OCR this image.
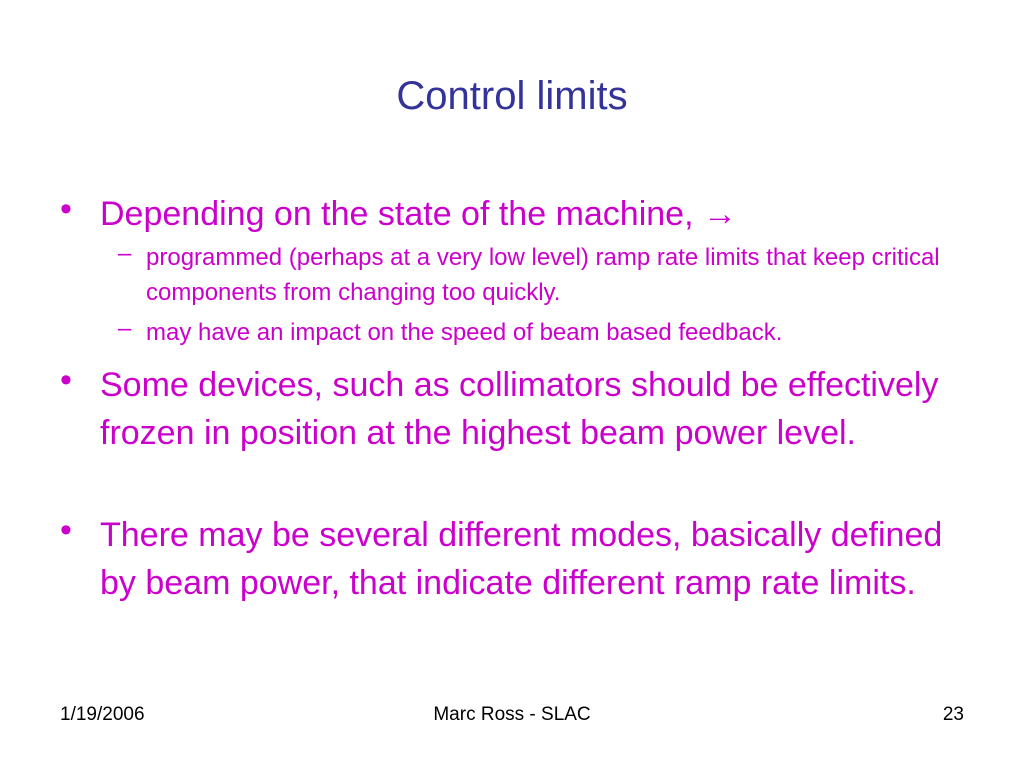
Control limits
• Depending on the state of the machine, →
– programmed (perhaps at a very low level) ramp rate limits that keep critical components from changing too quickly.
– may have an impact on the speed of beam based feedback.
• Some devices, such as collimators should be effectively frozen in position at the highest beam power level.
• There may be several different modes, basically defined by beam power, that indicate different ramp rate limits.
1/19/2006	Marc Ross - SLAC	23
